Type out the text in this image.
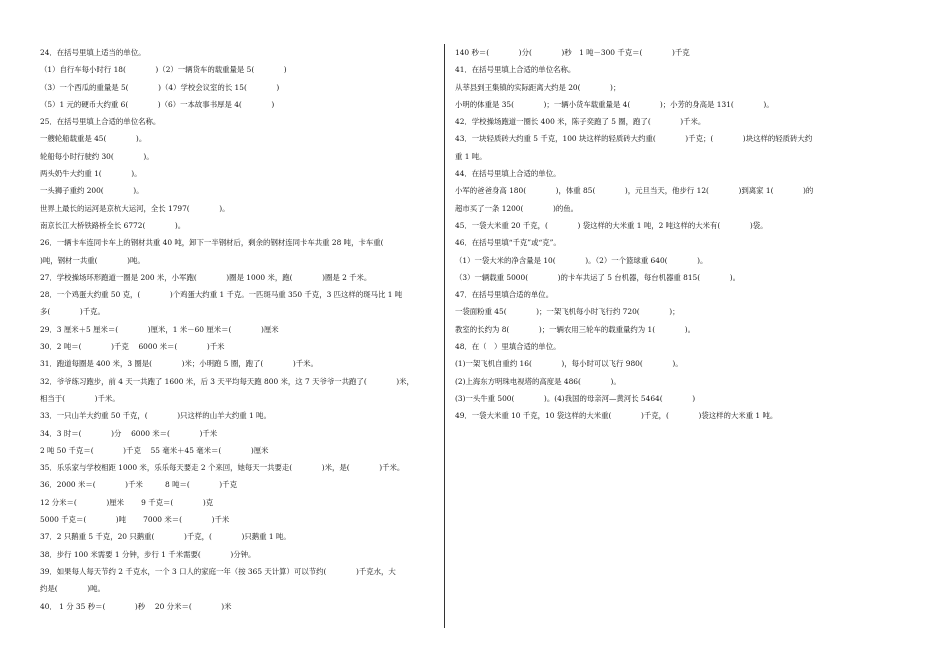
24．在括号里填上适当的单位。
（1）自行车每小时行 18(　　　　)（2）一辆货车的载重量是 5(　　　　)
（3）一个西瓜的重量是 5(　　　　)（4）学校会议室的长 15(　　　　)
（5）1 元的硬币大约重 6(　　　　)（6）一本故事书厚是 4(　　　　)
25．在括号里填上合适的单位名称。
一艘轮船载重是 45(　　　　)。
轮船每小时行驶约 30(　　　　)。
两头奶牛大约重 1(　　　　)。
一头狮子重约 200(　　　　)。
世界上最长的运河是京杭大运河，全长 1797(　　　　)。
南京长江大桥铁路桥全长 6772(　　　　)。
26．一辆卡车连同卡车上的钢材共重 40 吨，卸下一半钢材后，剩余的钢材连同卡车共重 28 吨，卡车重(
)吨，钢材一共重(　　　　)吨。
27．学校操场环形跑道一圈是 200 米，小军跑(　　　　)圈是 1000 米，跑(　　　　)圈是 2 千米。
28．一个鸡蛋大约重 50 克，(　　　　)个鸡蛋大约重 1 千克。一匹斑马重 350 千克，3 匹这样的斑马比 1 吨
多(　　　　)千克。
29．3 厘米＋5 厘米＝(　　　　)厘米，1 米－60 厘米＝(　　　　)厘米
30．2 吨＝(　　　　)千克　 6000 米＝(　　　　)千米
31．跑道每圈是 400 米，3 圈是(　　　　)米；小明跑 5 圈，跑了(　　　　)千米。
32．爷爷练习跑步，前 4 天一共跑了 1600 米，后 3 天平均每天跑 800 米，这 7 天爷爷一共跑了(　　　　)米，
相当于(　　　　)千米。
33．一只山羊大约重 50 千克，(　　　　)只这样的山羊大约重 1 吨。
34．3 时＝(　　　　)分　 6000 米＝(　　　　)千米
2 吨 50 千克＝(　　　　)千克　 55 毫米＋45 毫米＝(　　　　)厘米
35．乐乐家与学校相距 1000 米，乐乐每天要走 2 个来回，她每天一共要走(　　　　)米，是(　　　　)千米。
36．2000 米＝(　　　　)千米　　　8 吨＝(　　　　)千克
12 分米＝(　　　　)厘米　　 9 千克＝(　　　　)克
5000 千克＝(　　　　)吨　　 7000 米＝(　　　　)千米
37．2 只鹅重 5 千克，20 只鹅重(　　　　)千克，(　　　　)只鹅重 1 吨。
38．步行 100 米需要 1 分钟，步行 1 千米需要(　　　　)分钟。
39．如果每人每天节约 2 千克水，一个 3 口人的家庭一年（按 365 天计算）可以节约(　　　　)千克水，大
约是(　　　　)吨。
40． 1 分 35 秒＝(　　　　)秒　 20 分米＝(　　　　)米
140 秒＝(　　　　)分(　　　　)秒　1 吨－300 千克＝(　　　　)千克
41．在括号里填上合适的单位名称。
从莘县到王集镇的实际距离大约是 20(　　　　)；
小明的体重是 35(　　　　)；一辆小货车载重量是 4(　　　　)；小芳的身高是 131(　　　　)。
42．学校操场跑道一圈长 400 米，陈子奕跑了 5 圈，跑了(　　　　)千米。
43．一块轻质砖大约重 5 千克，100 块这样的轻质砖大约重(　　　　)千克；(　　　　)块这样的轻质砖大约
重 1 吨。
44．在括号里填上合适的单位。
小军的爸爸身高 180(　　　　)，体重 85(　　　　)，元旦当天，他步行 12(　　　　)到离家 1(　　　　)的
超市买了一条 1200(　　　　)的鱼。
45．一袋大米重 20 千克，(　　　　) 袋这样的大米重 1 吨，2 吨这样的大米有(　　　　)袋。
46．在括号里填“千克”或“克”。
（1）一袋大米的净含量是 10(　　　　)。（2）一个篮球重 640(　　　　)。
（3）一辆载重 5000(　　　　)的卡车共运了 5 台机器，每台机器重 815(　　　　)。
47．在括号里填合适的单位。
一袋面粉重 45(　　　　)；一架飞机每小时飞行约 720(　　　　)；
教室的长约为 8(　　　　)；一辆农用三轮车的载重量约为 1(　　　　)。
48．在（　）里填合适的单位。
(1)一架飞机自重约 16(　　　　)，每小时可以飞行 980(　　　　)。
(2)上海东方明珠电视塔的高度是 486(　　　　)。
(3)一头牛重 500(　　　　)。(4)我国的母亲河—黄河长 5464(　　　　)
49．一袋大米重 10 千克，10 袋这样的大米重(　　　　)千克，(　　　　)袋这样的大米重 1 吨。
